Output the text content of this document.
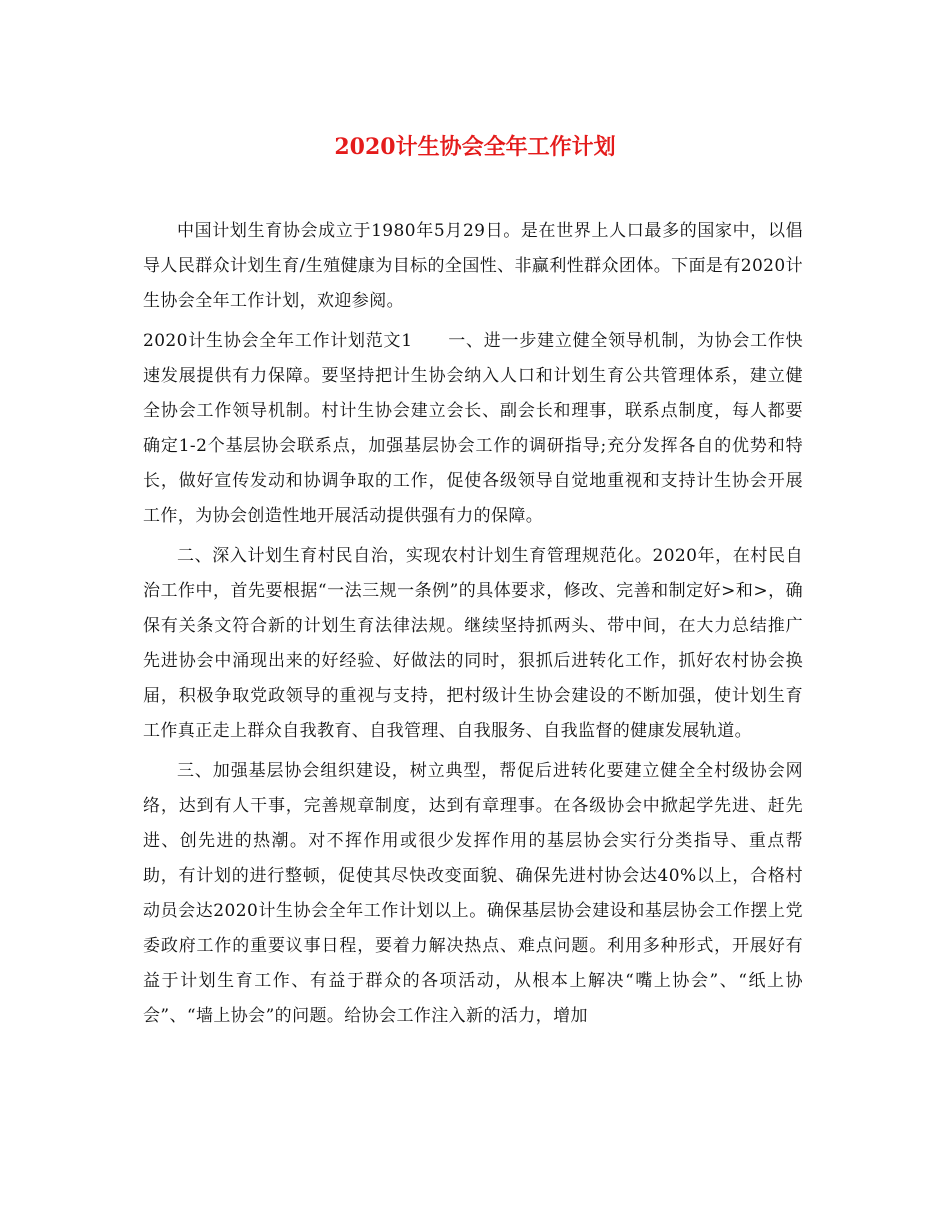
2020计生协会全年工作计划

中国计划生育协会成立于1980年5月29日。是在世界上人口最多的国家中，以倡导人民群众计划生育/生殖健康为目标的全国性、非赢利性群众团体。下面是有2020计生协会全年工作计划，欢迎参阅。

2020计生协会全年工作计划范文1　　一、进一步建立健全领导机制，为协会工作快速发展提供有力保障。要坚持把计生协会纳入人口和计划生育公共管理体系，建立健全协会工作领导机制。村计生协会建立会长、副会长和理事，联系点制度，每人都要确定1-2个基层协会联系点，加强基层协会工作的调研指导;充分发挥各自的优势和特长，做好宣传发动和协调争取的工作，促使各级领导自觉地重视和支持计生协会开展工作，为协会创造性地开展活动提供强有力的保障。

二、深入计划生育村民自治，实现农村计划生育管理规范化。2020年，在村民自治工作中，首先要根据“一法三规一条例”的具体要求，修改、完善和制定好>和>，确保有关条文符合新的计划生育法律法规。继续坚持抓两头、带中间，在大力总结推广先进协会中涌现出来的好经验、好做法的同时，狠抓后进转化工作，抓好农村协会换届，积极争取党政领导的重视与支持，把村级计生协会建设的不断加强，使计划生育工作真正走上群众自我教育、自我管理、自我服务、自我监督的健康发展轨道。

三、加强基层协会组织建设，树立典型，帮促后进转化要建立健全全村级协会网络，达到有人干事，完善规章制度，达到有章理事。在各级协会中掀起学先进、赶先进、创先进的热潮。对不挥作用或很少发挥作用的基层协会实行分类指导、重点帮助，有计划的进行整顿，促使其尽快改变面貌、确保先进村协会达40%以上，合格村动员会达2020计生协会全年工作计划以上。确保基层协会建设和基层协会工作摆上党委政府工作的重要议事日程，要着力解决热点、难点问题。利用多种形式，开展好有益于计划生育工作、有益于群众的各项活动，从根本上解决“嘴上协会”、“纸上协会”、“墙上协会”的问题。给协会工作注入新的活力，增加
